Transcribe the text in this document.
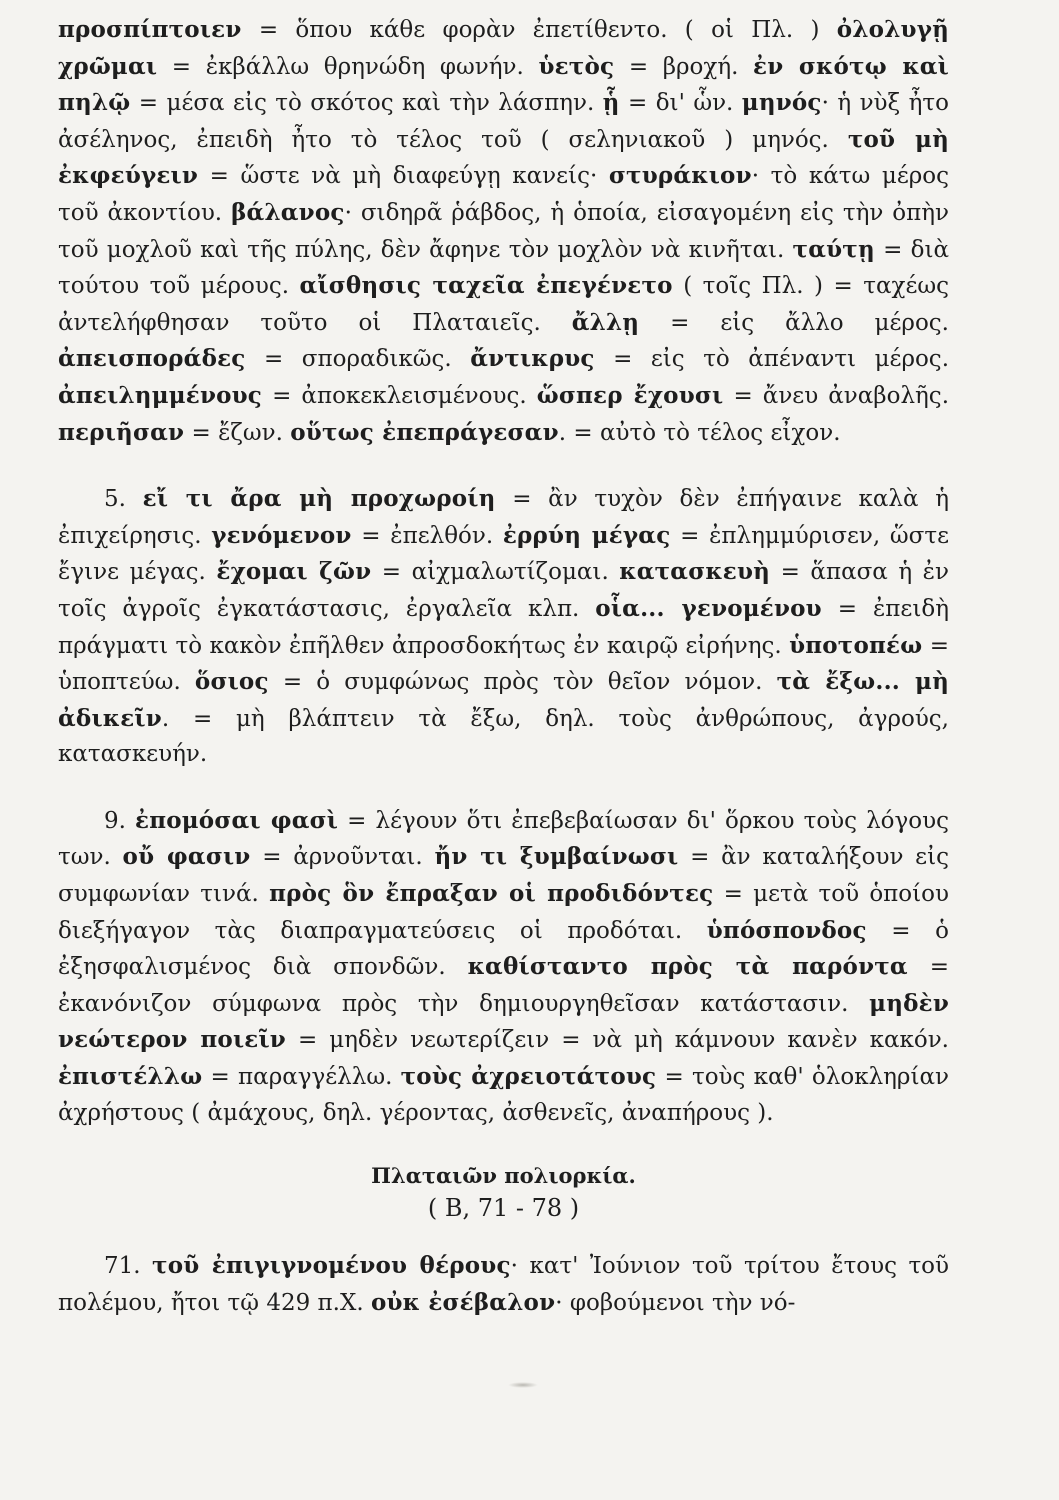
προσπίπτοιεν = ὅπου κάθε φορὰν ἐπετίθεντο. ( οἱ Πλ. ) ὀλολυγῇ χρῶμαι = ἐκβάλλω θρηνώδη φωνήν. ὑετὸς = βροχή. ἐν σκότῳ καὶ πηλῷ = μέσα εἰς τὸ σκότος καὶ τὴν λάσπην. ᾗ = δι' ὧν. μηνός· ἡ νὺξ ἦτο ἀσέληνος, ἐπειδὴ ἦτο τὸ τέλος τοῦ ( σεληνιακοῦ ) μηνός. τοῦ μὴ ἐκφεύγειν = ὥστε νὰ μὴ διαφεύγῃ κανείς· στυράκιον· τὸ κάτω μέρος τοῦ ἀκοντίου. βάλανος· σιδηρᾶ ῥάβδος, ἡ ὁποία, εἰσαγομένη εἰς τὴν ὀπὴν τοῦ μοχλοῦ καὶ τῆς πύλης, δὲν ἄφηνε τὸν μοχλὸν νὰ κινῆται. ταύτῃ = διὰ τούτου τοῦ μέρους. αἴσθησις ταχεῖα ἐπεγένετο ( τοῖς Πλ. ) = ταχέως ἀντελήφθησαν τοῦτο οἱ Πλαταιεῖς. ἄλλῃ = εἰς ἄλλο μέρος. ἀπεισποράδες = σποραδικῶς. ἄντικρυς = εἰς τὸ ἀπέναντι μέρος. ἀπειλημμένους = ἀποκεκλεισμένους. ὥσπερ ἔχουσι = ἄνευ ἀναβολῆς. περιῆσαν = ἔζων. οὕτως ἐπεπράγεσαν. = αὐτὸ τὸ τέλος εἶχον.

5. εἴ τι ἄρα μὴ προχωροίη = ἂν τυχὸν δὲν ἐπήγαινε καλὰ ἡ ἐπιχείρησις. γενόμενον = ἐπελθόν. ἐρρύη μέγας = ἐπλημμύρισεν, ὥστε ἔγινε μέγας. ἔχομαι ζῶν = αἰχμαλωτίζομαι. κατασκευὴ = ἅπασα ἡ ἐν τοῖς ἀγροῖς ἐγκατάστασις, ἐργαλεῖα κλπ. οἷα... γενομένου = ἐπειδὴ πράγματι τὸ κακὸν ἐπῆλθεν ἀπροσδοκήτως ἐν καιρῷ εἰρήνης. ὑποτοπέω = ὑποπτεύω. ὅσιος = ὁ συμφώνως πρὸς τὸν θεῖον νόμον. τὰ ἔξω... μὴ ἀδικεῖν. = μὴ βλάπτειν τὰ ἔξω, δηλ. τοὺς ἀνθρώπους, ἀγρούς, κατασκευήν.

9. ἐπομόσαι φασὶ = λέγουν ὅτι ἐπεβεβαίωσαν δι' ὅρκου τοὺς λόγους των. οὔ φασιν = ἀρνοῦνται. ἤν τι ξυμβαίνωσι = ἂν καταλήξουν εἰς συμφωνίαν τινά. πρὸς ὃν ἔπραξαν οἱ προδιδόντες = μετὰ τοῦ ὁποίου διεξήγαγον τὰς διαπραγματεύσεις οἱ προδόται. ὑπόσπονδος = ὁ ἐξησφαλισμένος διὰ σπονδῶν. καθίσταντο πρὸς τὰ παρόντα = ἐκανόνιζον σύμφωνα πρὸς τὴν δημιουργηθεῖσαν κατάστασιν. μηδὲν νεώτερον ποιεῖν = μηδὲν νεωτερίζειν = νὰ μὴ κάμνουν κανὲν κακόν. ἐπιστέλλω = παραγγέλλω. τοὺς ἀχρειοτάτους = τοὺς καθ' ὁλοκληρίαν ἀχρήστους ( ἀμάχους, δηλ. γέροντας, ἀσθενεῖς, ἀναπήρους ).

Πλαταιῶν πολιορκία.
( Β, 71 - 78 )

71. τοῦ ἐπιγιγνομένου θέρους· κατ' Ἰούνιον τοῦ τρίτου ἔτους τοῦ πολέμου, ἤτοι τῷ 429 π.Χ. οὐκ ἐσέβαλον· φοβούμενοι τὴν νό-
